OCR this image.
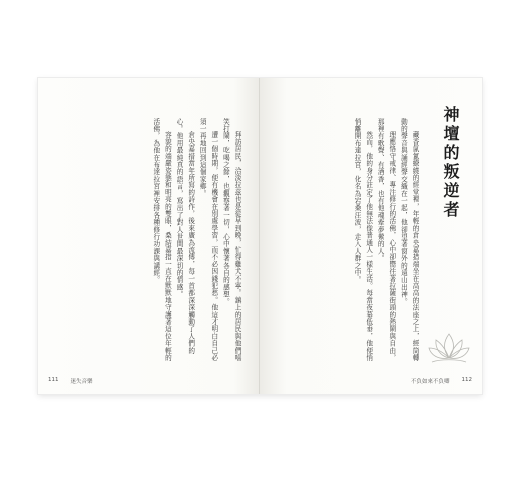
拜訪居民，洽淡拉茲也是從早到晚，忙得雞犬不寧。鎮上的居民與他們嘻笑打鬧，吃喝之餘，也觀察著一切，心中懷著各自的感想。

遭一個時期，便有機會在別處學習，而不必因錢犯愁。他這才明白自己必須一再地回到這個家鄉。

倉央嘉措當年所寫的詩作，後來廣為流傳，每一首都深深觸動了人們的心。他用最純真的語言，寫出了對人世間最深切的情感。

容貌的端嚴姿態和明亮的雙眼，桑結嘉措一直在默默地守護著這位年輕的活佛，為他在布達拉宮裡安排各種修行功課與講經。

111 迷失音樂
神壇的叛逆者

藏香氤氳繚繞的經堂裡，年輕的倉央嘉措端坐在高高的法座之上，經筒轉動的聲音與誦經聲交織在一起，他卻望著窗外的遠山出神。

理應恪守戒律、專注修行的活佛，心中卻嚮往著拉薩街頭的熱鬧與自由，那裡有歌聲、有酒香，也有他魂牽夢縈的人。

然而，他的身分註定了他無法像普通人一樣生活。每當夜幕低垂，他便悄悄離開布達拉宮，化名為宕桑汪波，走入人群之中。

不負如來不負卿 112
